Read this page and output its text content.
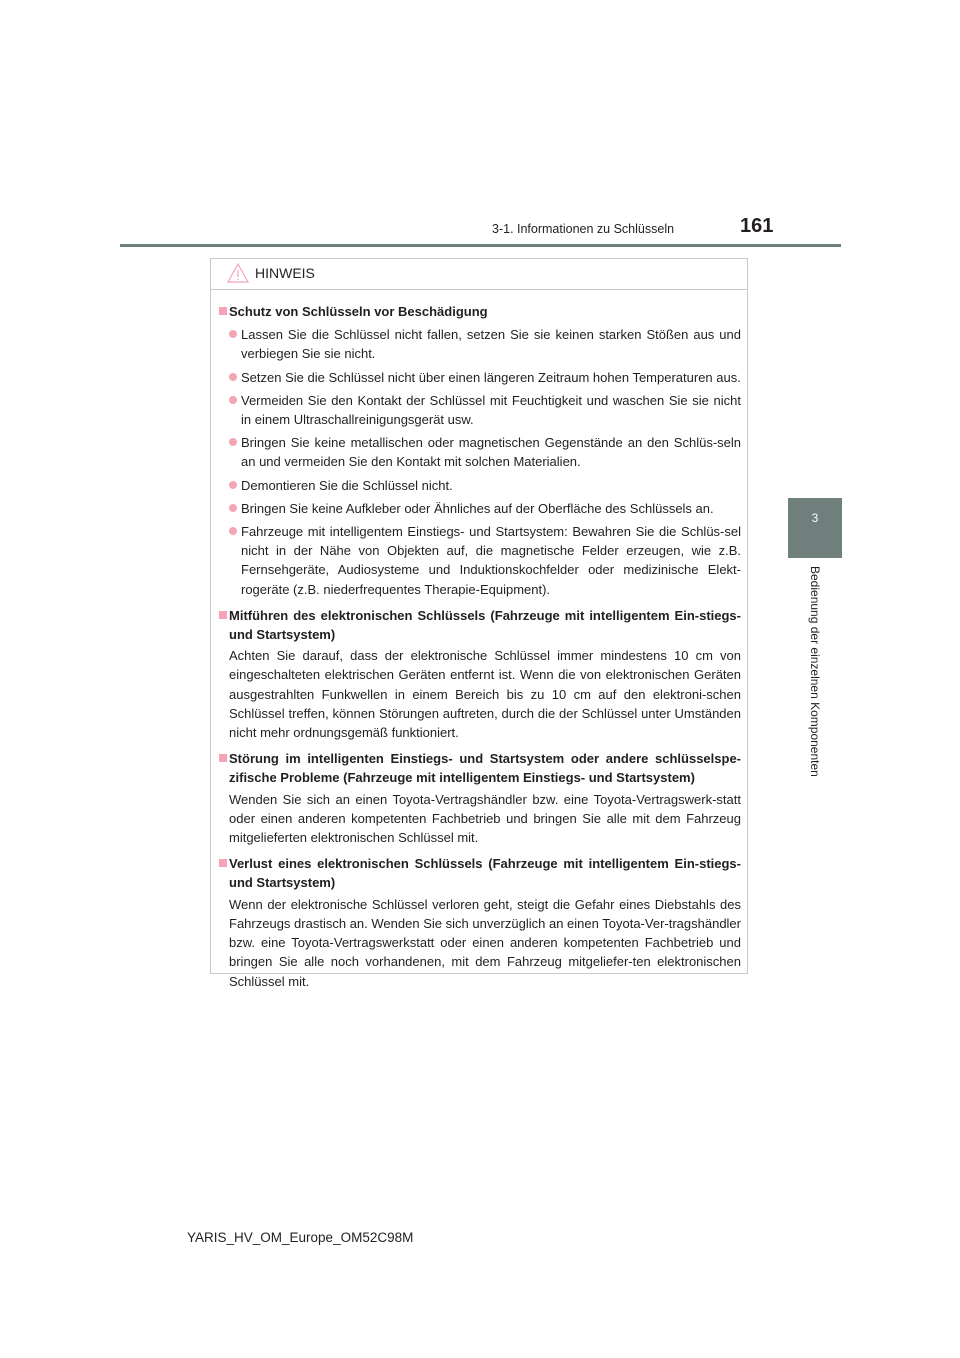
3-1. Informationen zu Schlüsseln	161
3
Bedienung der einzelnen Komponenten
HINWEIS
Schutz von Schlüsseln vor Beschädigung
Lassen Sie die Schlüssel nicht fallen, setzen Sie sie keinen starken Stößen aus und verbiegen Sie sie nicht.
Setzen Sie die Schlüssel nicht über einen längeren Zeitraum hohen Temperaturen aus.
Vermeiden Sie den Kontakt der Schlüssel mit Feuchtigkeit und waschen Sie sie nicht in einem Ultraschallreinigungsgerät usw.
Bringen Sie keine metallischen oder magnetischen Gegenstände an den Schlüs-seln an und vermeiden Sie den Kontakt mit solchen Materialien.
Demontieren Sie die Schlüssel nicht.
Bringen Sie keine Aufkleber oder Ähnliches auf der Oberfläche des Schlüssels an.
Fahrzeuge mit intelligentem Einstiegs- und Startsystem: Bewahren Sie die Schlüs-sel nicht in der Nähe von Objekten auf, die magnetische Felder erzeugen, wie z.B. Fernsehgeräte, Audiosysteme und Induktionskochfelder oder medizinische Elekt-rogeräte (z.B. niederfrequentes Therapie-Equipment).
Mitführen des elektronischen Schlüssels (Fahrzeuge mit intelligentem Ein-stiegs- und Startsystem)
Achten Sie darauf, dass der elektronische Schlüssel immer mindestens 10 cm von eingeschalteten elektrischen Geräten entfernt ist. Wenn die von elektronischen Geräten ausgestrahlten Funkwellen in einem Bereich bis zu 10 cm auf den elektroni-schen Schlüssel treffen, können Störungen auftreten, durch die der Schlüssel unter Umständen nicht mehr ordnungsgemäß funktioniert.
Störung im intelligenten Einstiegs- und Startsystem oder andere schlüsselspe-zifische Probleme (Fahrzeuge mit intelligentem Einstiegs- und Startsystem)
Wenden Sie sich an einen Toyota-Vertragshändler bzw. eine Toyota-Vertragswerk-statt oder einen anderen kompetenten Fachbetrieb und bringen Sie alle mit dem Fahrzeug mitgelieferten elektronischen Schlüssel mit.
Verlust eines elektronischen Schlüssels (Fahrzeuge mit intelligentem Ein-stiegs- und Startsystem)
Wenn der elektronische Schlüssel verloren geht, steigt die Gefahr eines Diebstahls des Fahrzeugs drastisch an. Wenden Sie sich unverzüglich an einen Toyota-Ver-tragshändler bzw. eine Toyota-Vertragswerkstatt oder einen anderen kompetenten Fachbetrieb und bringen Sie alle noch vorhandenen, mit dem Fahrzeug mitgeliefer-ten elektronischen Schlüssel mit.
YARIS_HV_OM_Europe_OM52C98M
